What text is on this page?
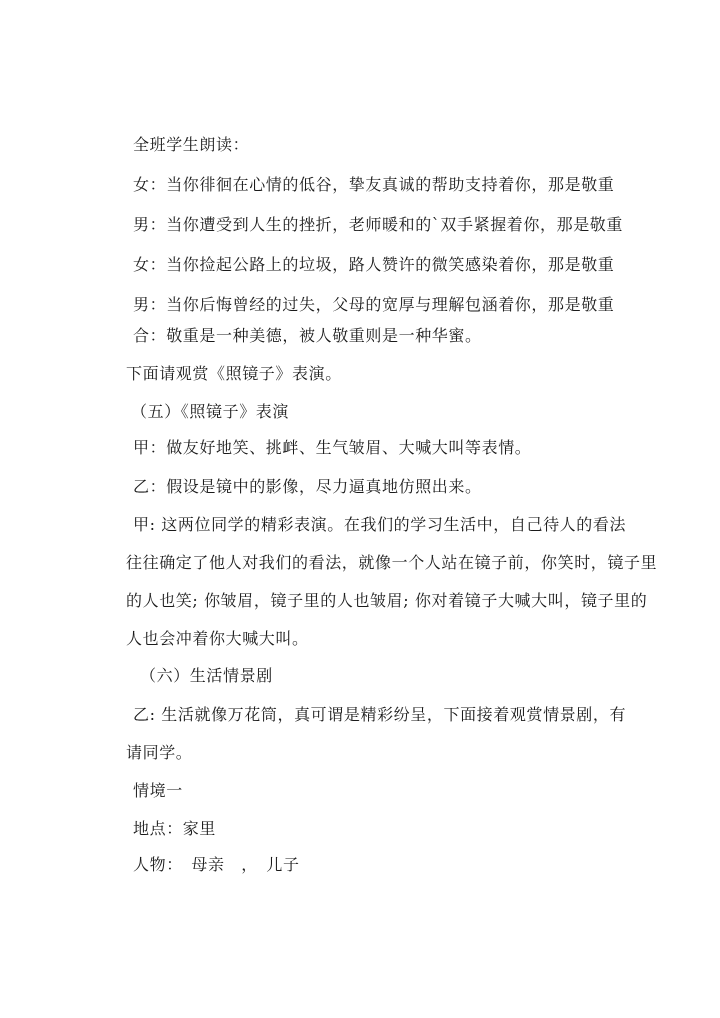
全班学生朗读：
女：当你徘徊在心情的低谷，挚友真诚的帮助支持着你，那是敬重
男：当你遭受到人生的挫折，老师暖和的`双手紧握着你，那是敬重
女：当你捡起公路上的垃圾，路人赞许的微笑感染着你，那是敬重
男：当你后悔曾经的过失，父母的宽厚与理解包涵着你，那是敬重
合：敬重是一种美德，被人敬重则是一种华蜜。
下面请观赏《照镜子》表演。
（五）《照镜子》表演
甲：做友好地笑、挑衅、生气皱眉、大喊大叫等表情。
乙：假设是镜中的影像，尽力逼真地仿照出来。
甲: 这两位同学的精彩表演。在我们的学习生活中，自己待人的看法
往往确定了他人对我们的看法，就像一个人站在镜子前，你笑时，镜子里
的人也笑; 你皱眉，镜子里的人也皱眉; 你对着镜子大喊大叫，镜子里的
人也会冲着你大喊大叫。
（六）生活情景剧
乙: 生活就像万花筒，真可谓是精彩纷呈，下面接着观赏情景剧，有
请同学。
情境一
地点：家里
人物：　母亲　，　儿子
